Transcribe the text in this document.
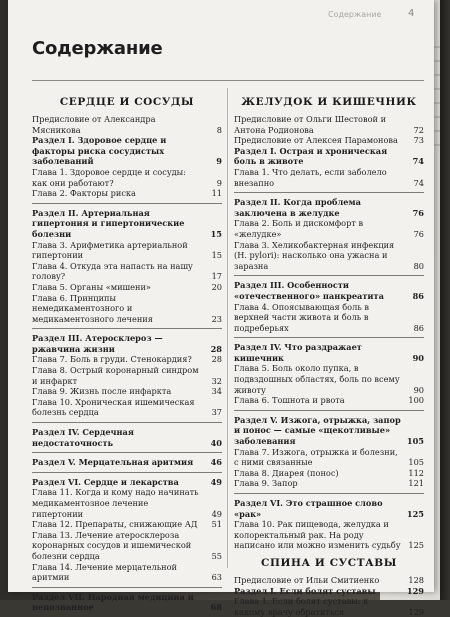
Содержание	4
Содержание
СЕРДЦЕ И СОСУДЫ
Предисловие от Александра Мясникова	8
Раздел I. Здоровое сердце и факторы риска сосудистых заболеваний	9
Глава 1. Здоровое сердце и сосуды: как они работают?	9
Глава 2. Факторы риска	11
Раздел II. Артериальная гипертония и гипертонические болезни	15
Глава 3. Арифметика артериальной гипертонии	15
Глава 4. Откуда эта напасть на нашу голову?	17
Глава 5. Органы «мишени»	20
Глава 6. Принципы немедикаментозного и медикаментозного лечения	23
Раздел III. Атеросклероз — ржавчина жизни	28
Глава 7. Боль в груди. Стенокардия? 28
Глава 8. Острый коронарный синдром и инфаркт	32
Глава 9. Жизнь после инфаркта	34
Глава 10. Хроническая ишемическая болезнь сердца	37
Раздел IV. Сердечная недостаточность	40
Раздел V. Мерцательная аритмия 46
Раздел VI. Сердце и лекарства	49
Глава 11. Когда и кому надо начинать медикаментозное лечение гипертонии	49
Глава 12. Препараты, снижающие АД 51
Глава 13. Лечение атеросклероза коронарных сосудов и ишемической болезни сердца	55
Глава 14. Лечение мерцательной аритмии	63
Раздел VII. Народная медицина и непознанное	68
ЖЕЛУДОК И КИШЕЧНИК
Предисловие от Ольги Шестовой и Антона Родионова	72
Предисловие от Алексея Парамонова 73
Раздел I. Острая и хроническая боль в животе	74
Глава 1. Что делать, если заболело внезапно	74
Раздел II. Когда проблема заключена в желудке	76
Глава 2. Боль и дискомфорт в «желудке»	76
Глава 3. Хеликобактерная инфекция (H. pylori): насколько она ужасна и заразна	80
Раздел III. Особенности «отечественного» панкреатита	86
Глава 4. Опоясывающая боль в верхней части живота и боль в подреберьях	86
Раздел IV. Что раздражает кишечник	90
Глава 5. Боль около пупка, в подвздошных областях, боль по всему животу	90
Глава 6. Тошнота и рвота	100
Раздел V. Изжога, отрыжка, запор и понос — самые «щекотливые» заболевания	105
Глава 7. Изжога, отрыжка и болезни, с ними связанные	105
Глава 8. Диарея (понос)	112
Глава 9. Запор	121
Раздел VI. Это страшное слово «рак»	125
Глава 10. Рак пищевода, желудка и колоректальный рак. На роду написано или можно изменить судьбу 125
СПИНА И СУСТАВЫ
Предисловие от Ильи Смитиенко	128
Раздел I. Если болят суставы	129
Глава 1. Если болят суставы: к какому врачу обратиться	129
